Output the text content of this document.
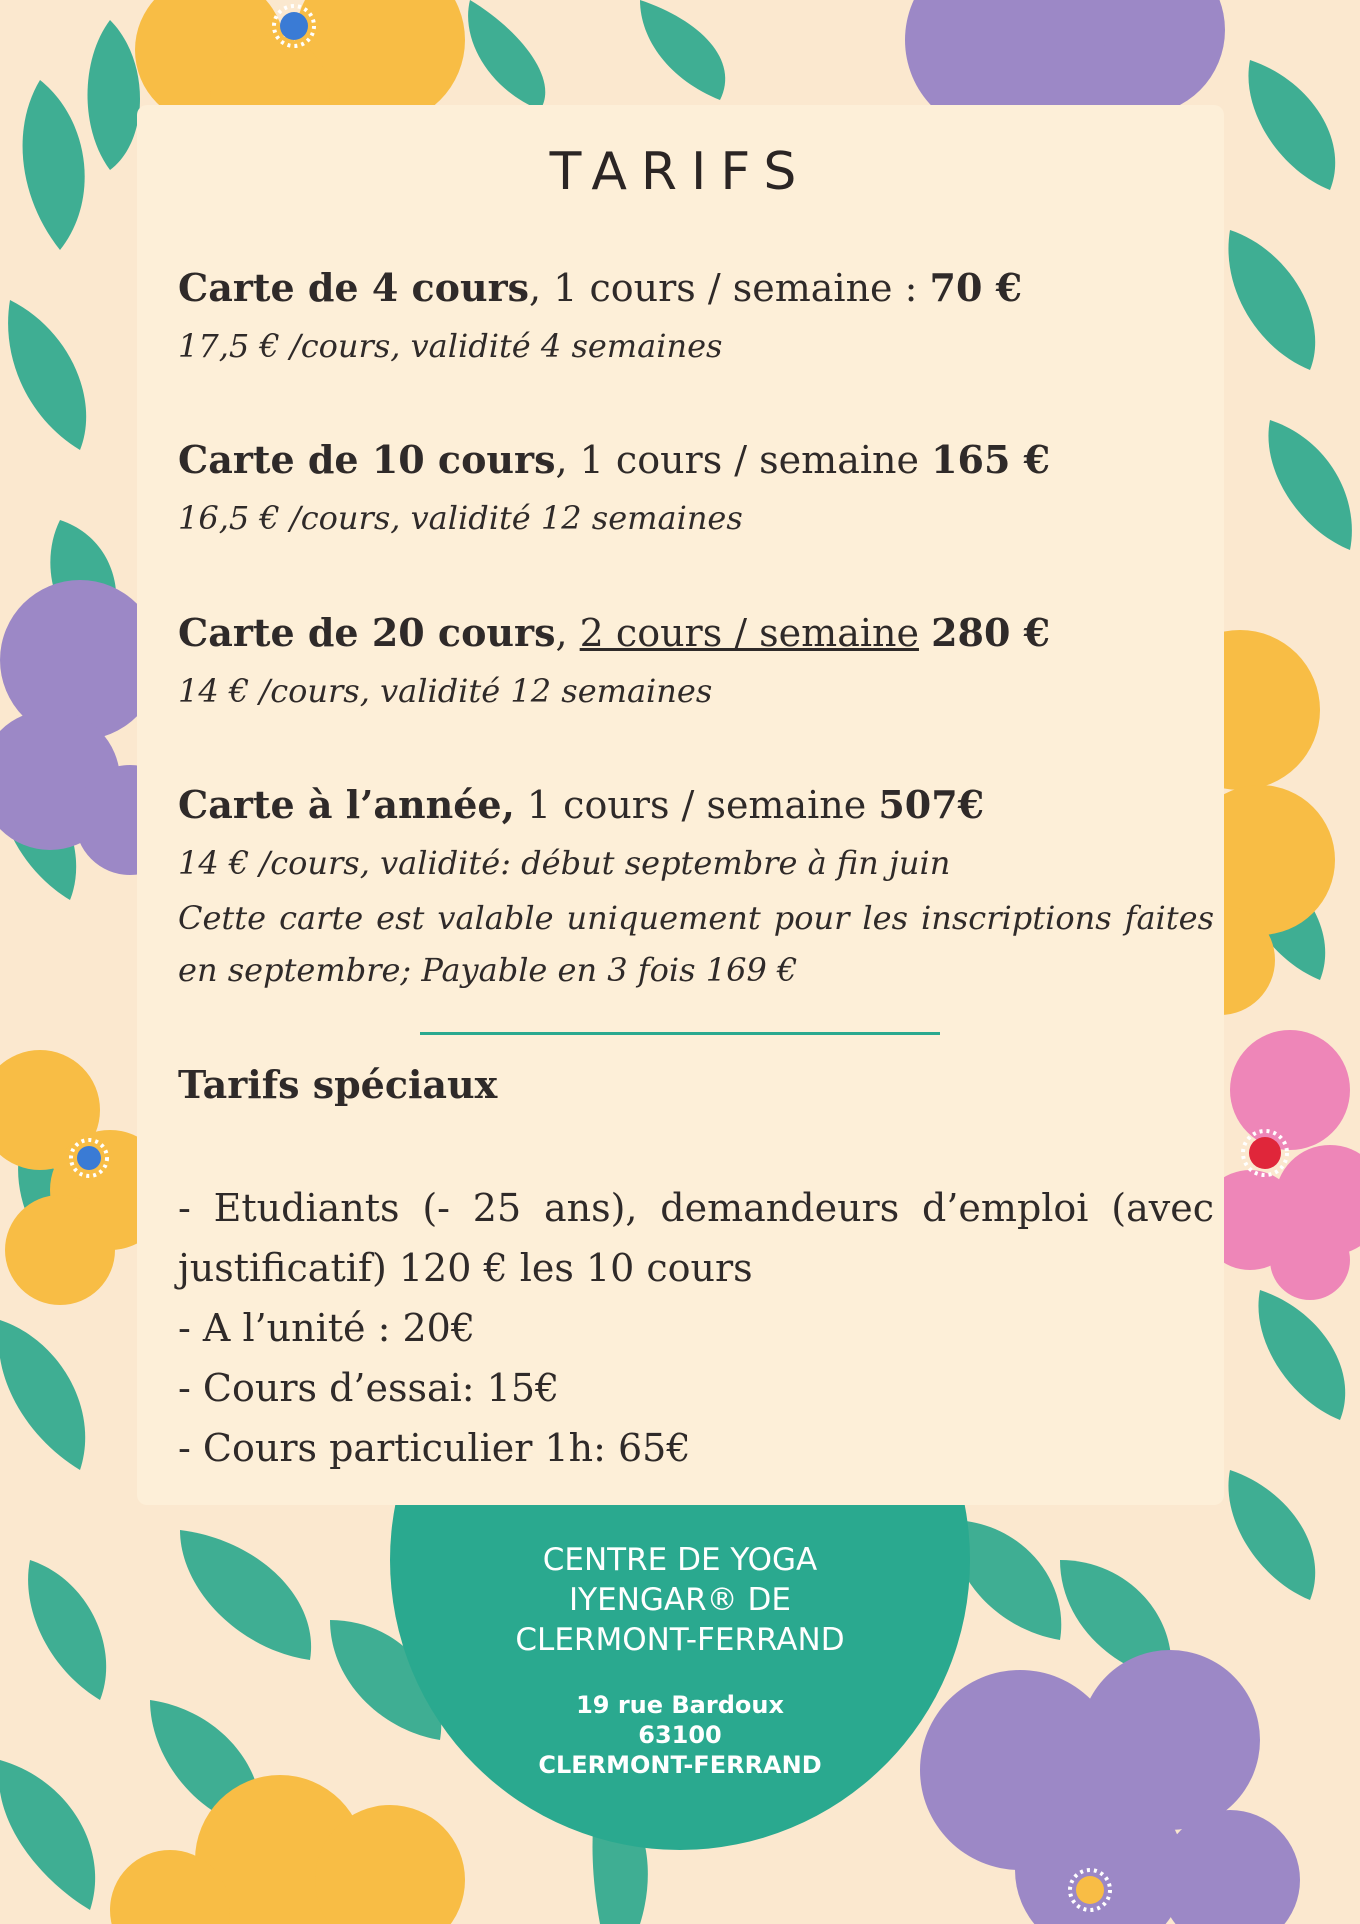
TARIFS
Carte de 4 cours, 1 cours / semaine : 70 €
17,5 € /cours, validité 4 semaines
Carte de 10 cours, 1 cours / semaine 165 €
16,5 € /cours, validité 12 semaines
Carte de 20 cours, 2 cours / semaine 280 €
14 € /cours, validité 12 semaines
Carte à l’année, 1 cours / semaine 507€
14 € /cours, validité: début septembre à fin juin
Cette carte est valable uniquement pour les inscriptions faites en septembre; Payable en 3 fois 169 €
Tarifs spéciaux

- Etudiants (- 25 ans), demandeurs d’emploi (avec justificatif) 120 € les 10 cours

- A l’unité : 20€

- Cours d’essai: 15€

- Cours particulier 1h: 65€

CENTRE DE YOGA
IYENGAR® DE
CLERMONT-FERRAND
19 rue Bardoux
63100
CLERMONT-FERRAND
